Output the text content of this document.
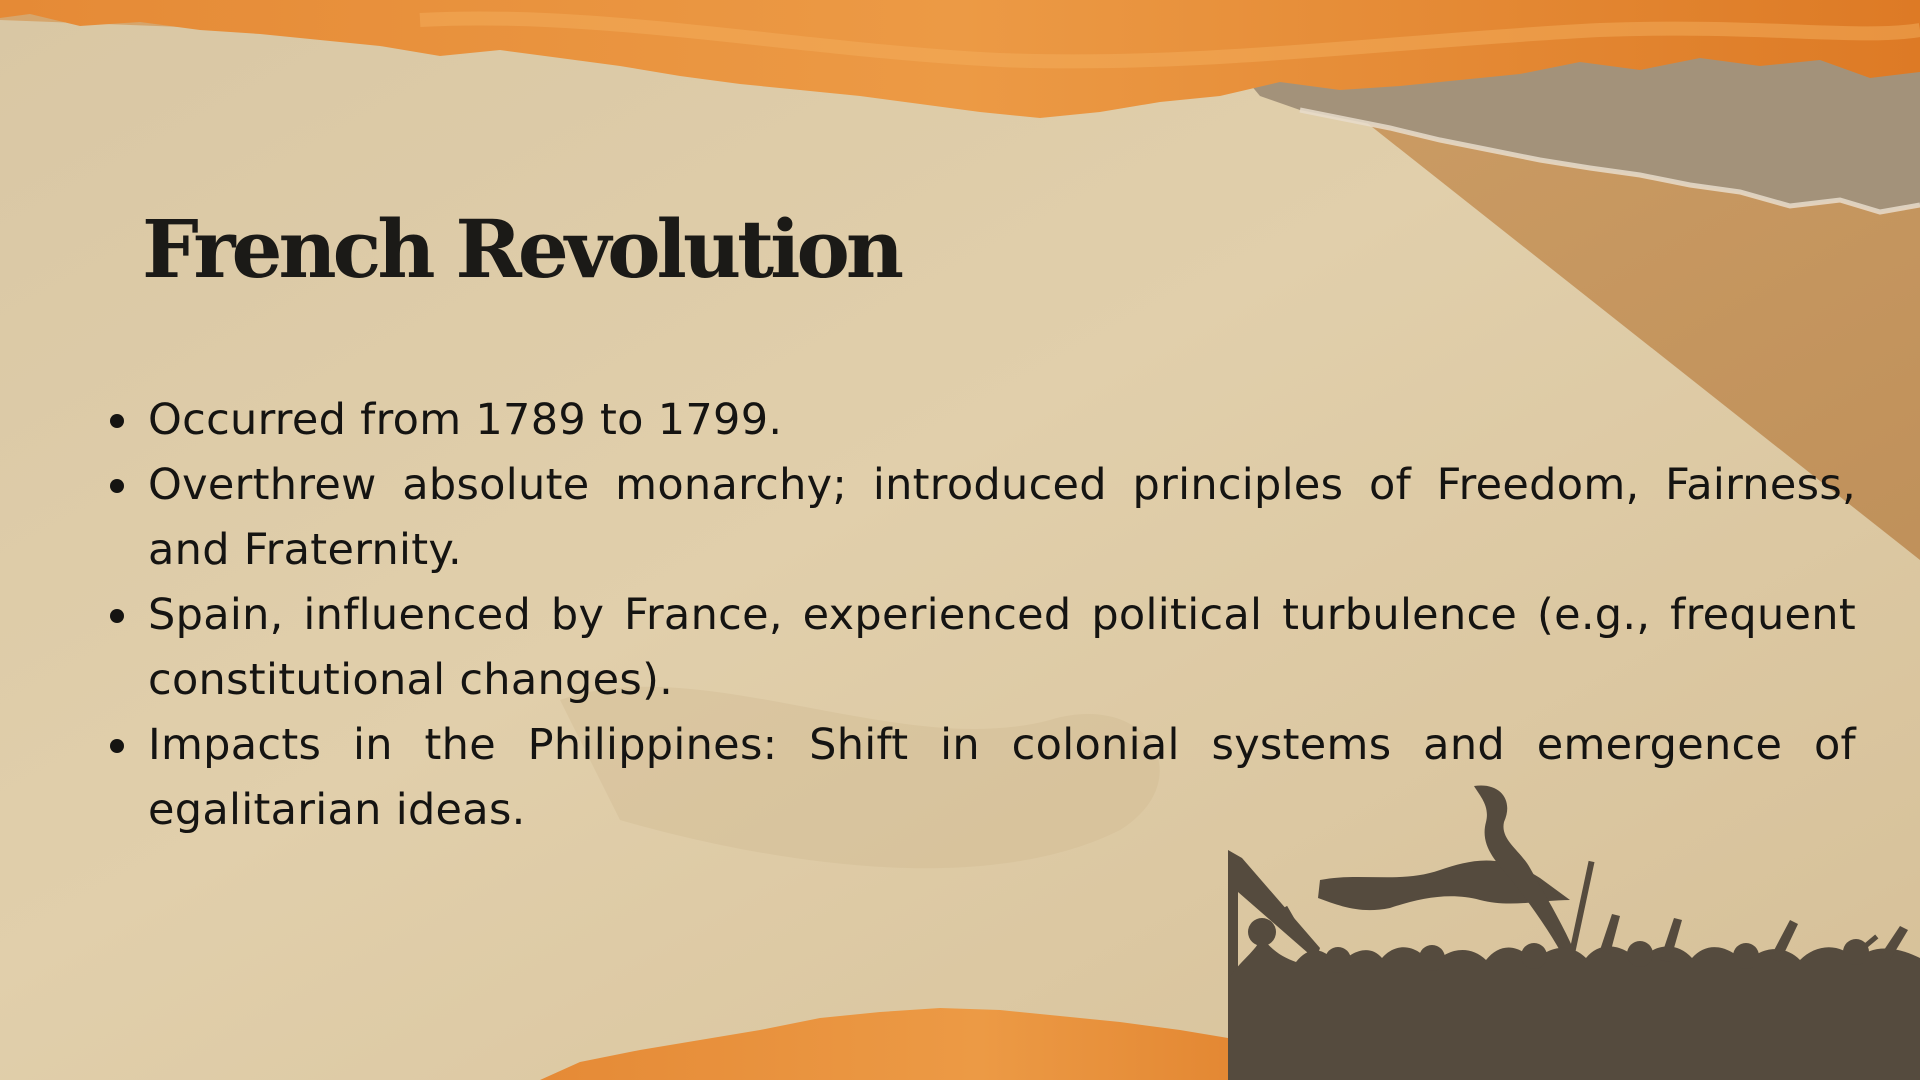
French Revolution
Occurred from 1789 to 1799.
Overthrew absolute monarchy; introduced principles of Freedom, Fairness, and Fraternity.
Spain, influenced by France, experienced political turbulence (e.g., frequent constitutional changes).
Impacts in the Philippines: Shift in colonial systems and emergence of egalitarian ideas.
